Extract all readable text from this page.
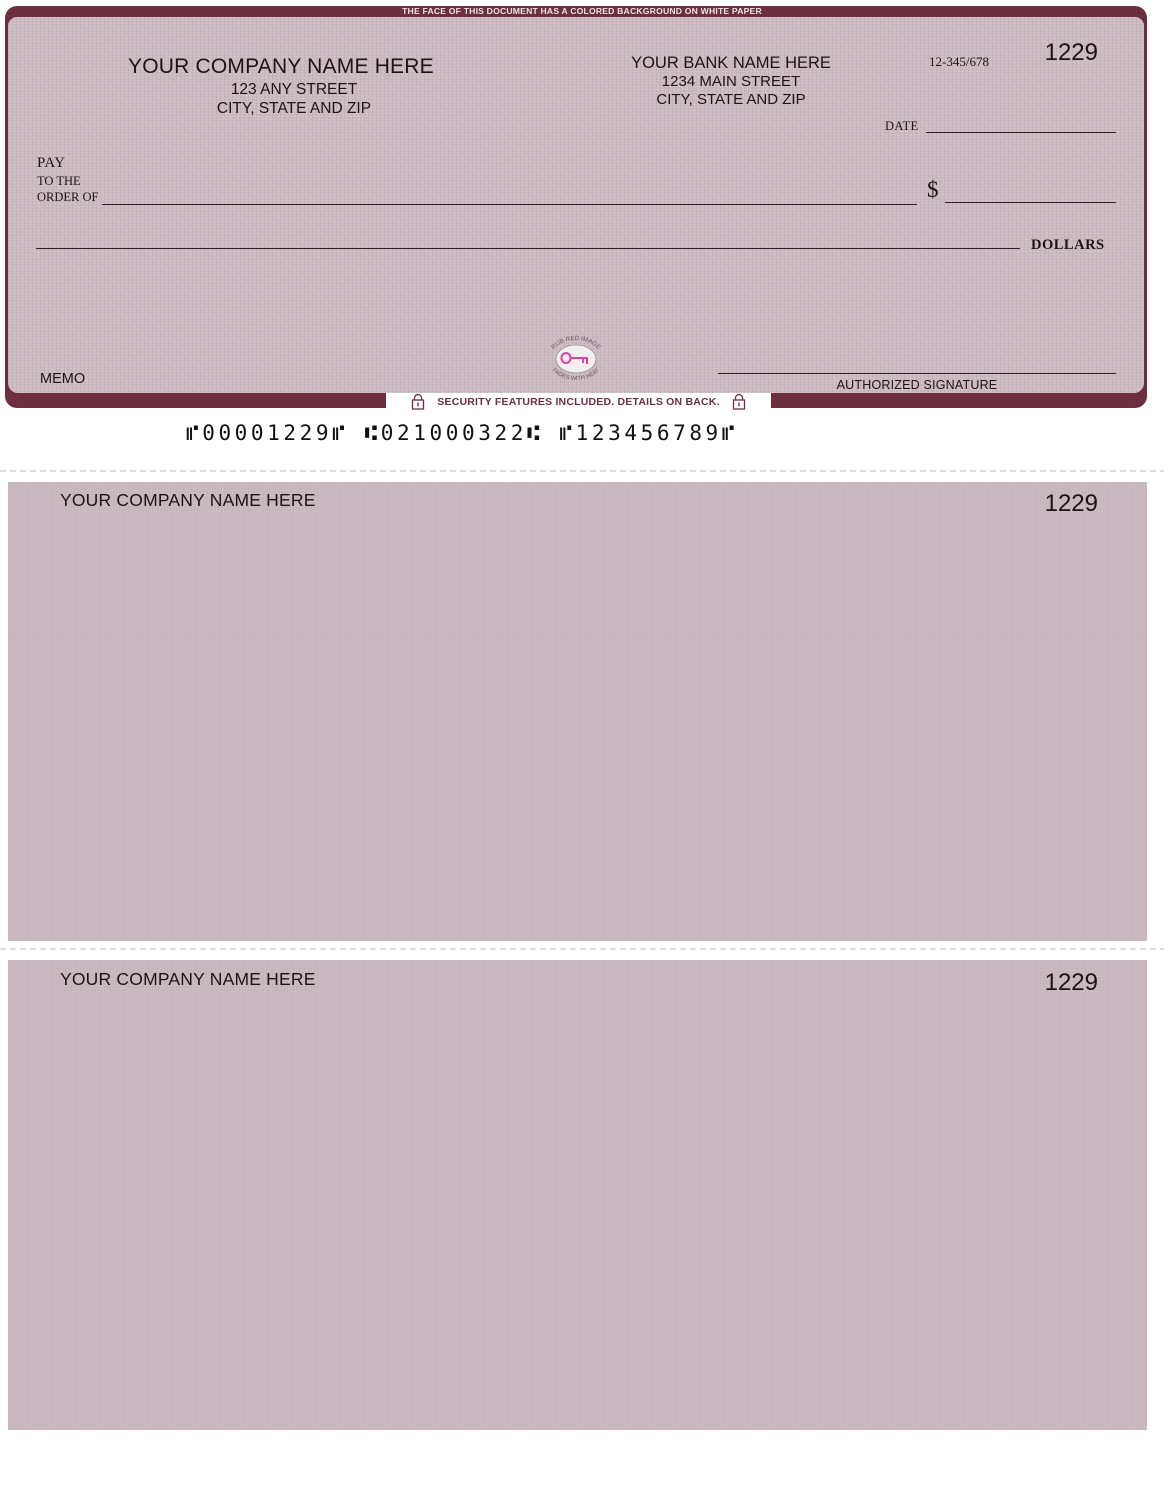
THE FACE OF THIS DOCUMENT HAS A COLORED BACKGROUND ON WHITE PAPER
YOUR COMPANY NAME HERE
123 ANY STREET
CITY, STATE AND ZIP
YOUR BANK NAME HERE
1234 MAIN STREET
CITY, STATE AND ZIP
12-345/678	1229
DATE
PAY
TO THE
ORDER OF	$
DOLLARS
MEMO	AUTHORIZED SIGNATURE
RUB RED IMAGE
FADES WITH HEAT
SECURITY FEATURES INCLUDED. DETAILS ON BACK.
⑈00001229⑈ ⑆021000322⑆ ⑈123456789⑈
YOUR COMPANY NAME HERE	1229
YOUR COMPANY NAME HERE	1229
